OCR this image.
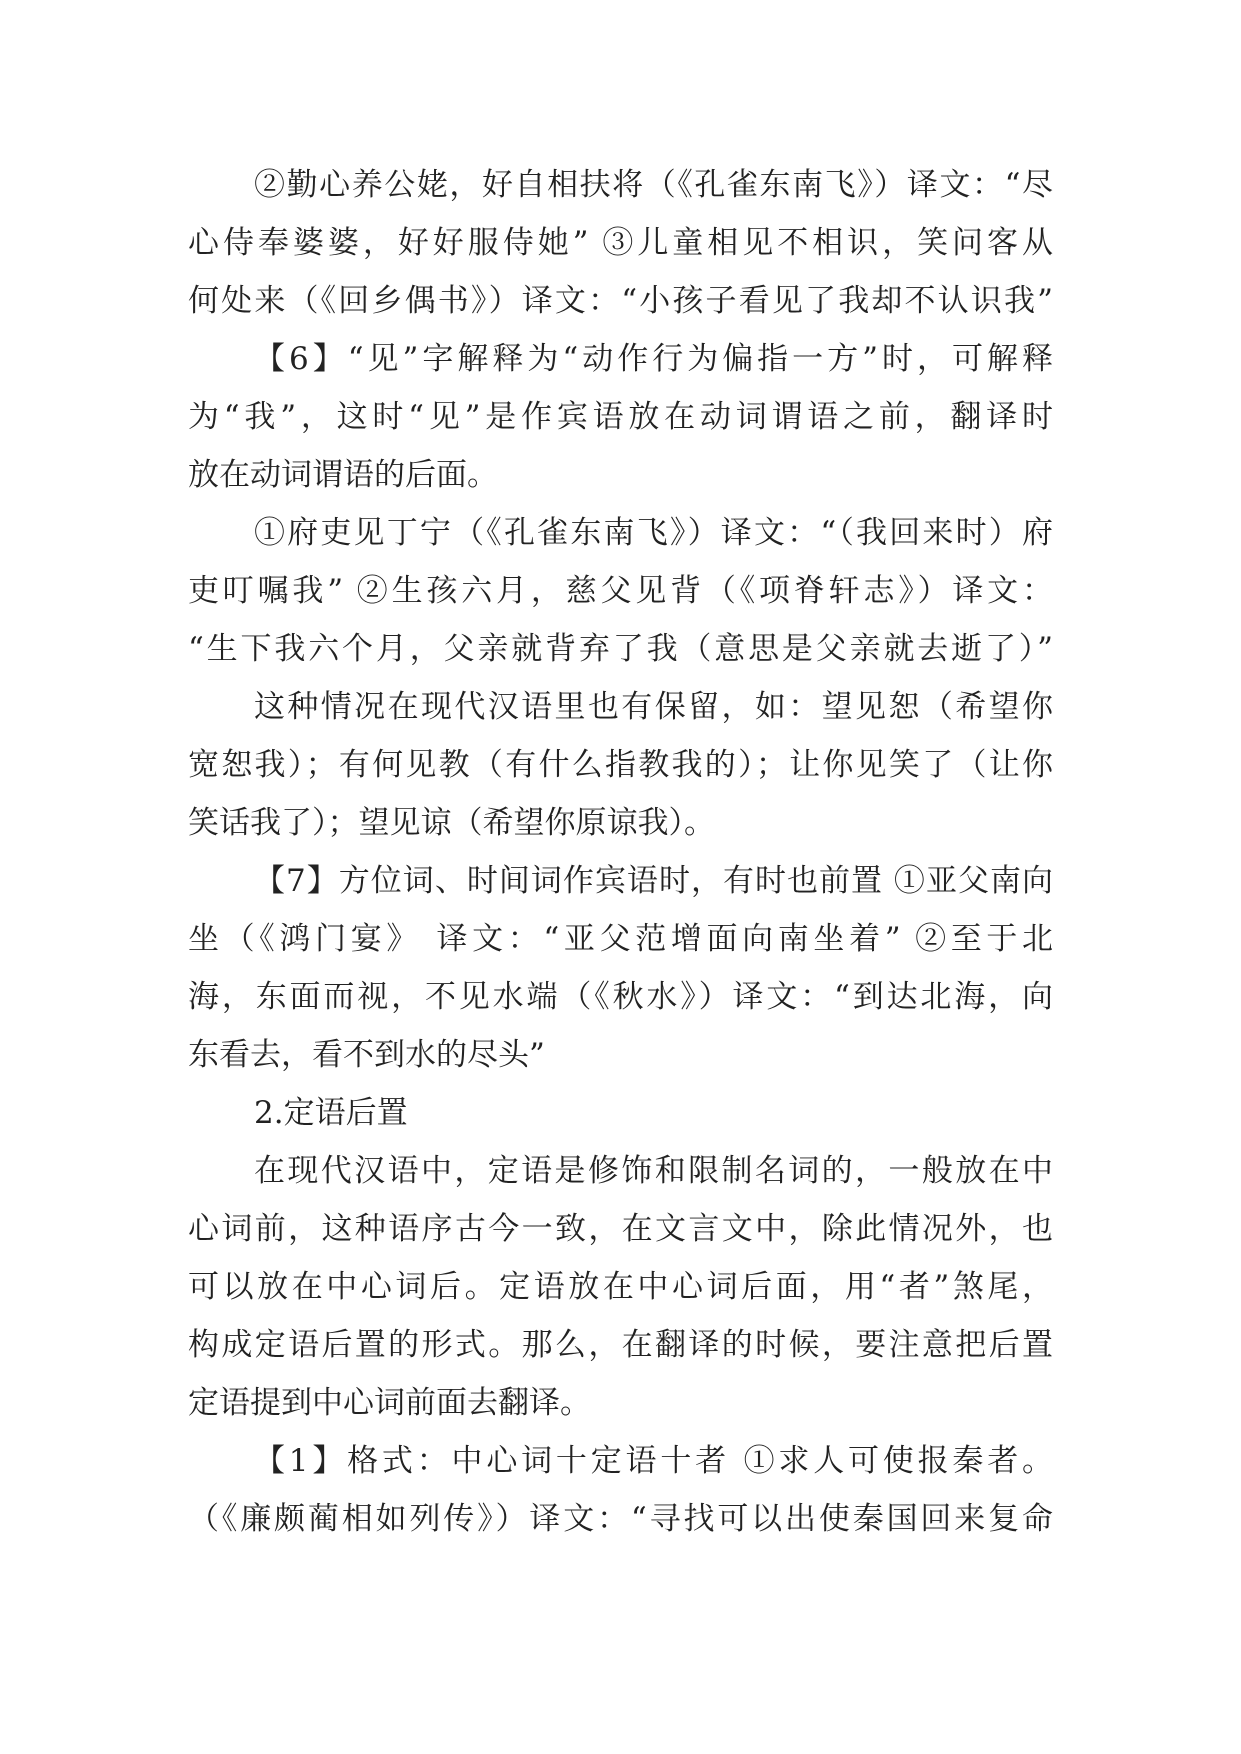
②勤心养公姥，好自相扶将（《孔雀东南飞》）译文：“尽
心侍奉婆婆，好好服侍她” ③儿童相见不相识，笑问客从
何处来（《回乡偶书》）译文：“小孩子看见了我却不认识我”
【6】“见”字解释为“动作行为偏指一方”时，可解释
为“我”，这时“见”是作宾语放在动词谓语之前，翻译时
放在动词谓语的后面。
①府吏见丁宁（《孔雀东南飞》）译文：“（我回来时）府
吏叮嘱我” ②生孩六月，慈父见背（《项脊轩志》）译文：
“生下我六个月，父亲就背弃了我（意思是父亲就去逝了）”
这种情况在现代汉语里也有保留，如：望见恕（希望你
宽恕我）；有何见教（有什么指教我的）；让你见笑了（让你
笑话我了）；望见谅（希望你原谅我）。
【7】方位词、时间词作宾语时，有时也前置 ①亚父南向
坐（《鸿门宴》 译文：“亚父范增面向南坐着” ②至于北
海，东面而视，不见水端（《秋水》）译文：“到达北海，向
东看去，看不到水的尽头”
2.定语后置
在现代汉语中，定语是修饰和限制名词的，一般放在中
心词前，这种语序古今一致，在文言文中，除此情况外，也
可以放在中心词后。定语放在中心词后面，用“者”煞尾，
构成定语后置的形式。那么，在翻译的时候，要注意把后置
定语提到中心词前面去翻译。
【1】格式：中心词十定语十者 ①求人可使报秦者。
（《廉颇蔺相如列传》）译文：“寻找可以出使秦国回来复命
